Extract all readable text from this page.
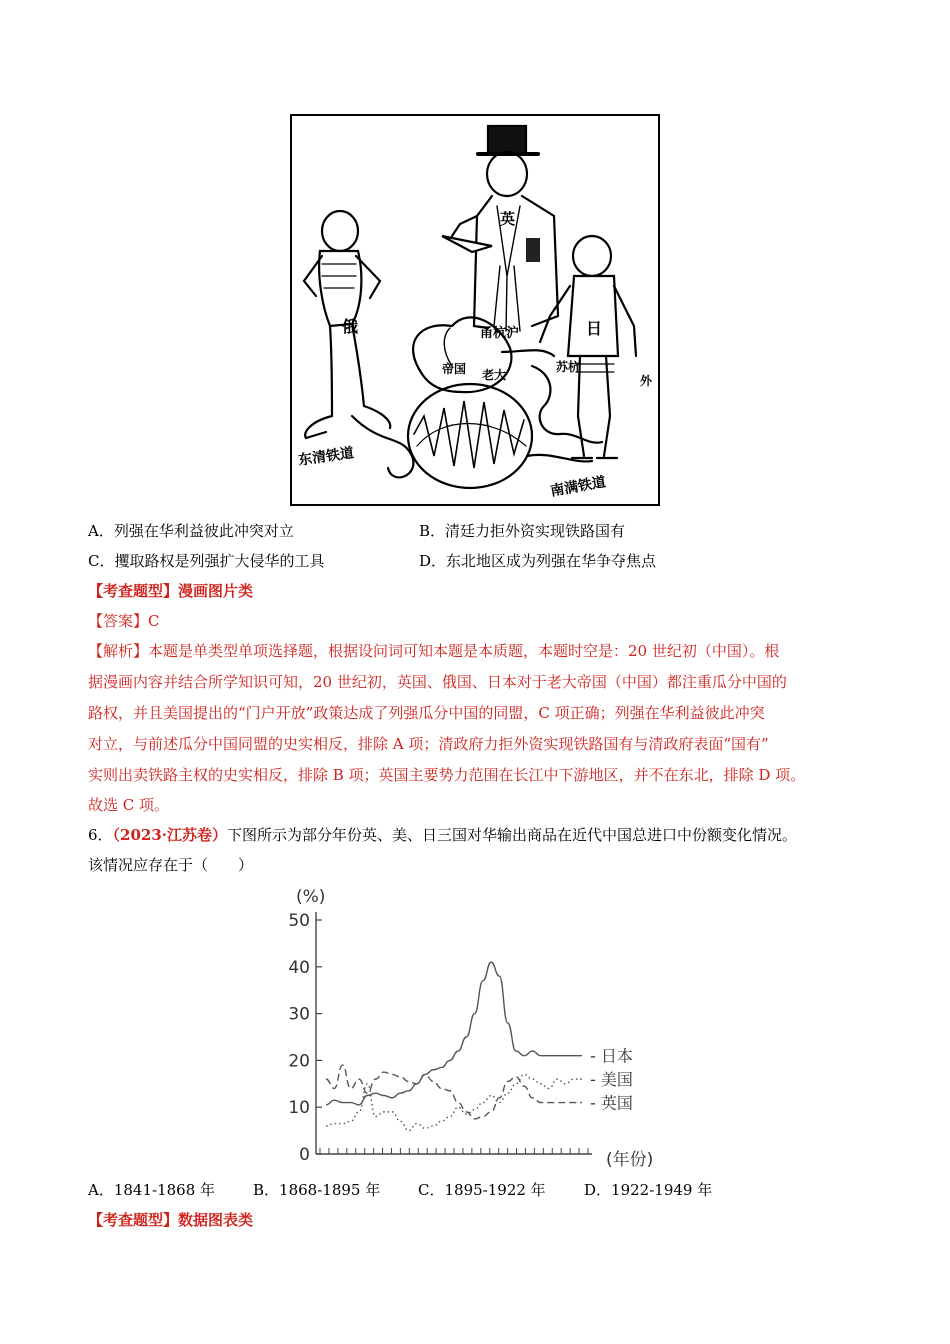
俄
英
日
帝国 老大
甬杭沪
苏杭
外
东清铁道
南满铁道
A．列强在华利益彼此冲突对立	B．清廷力拒外资实现铁路国有
C．攫取路权是列强扩大侵华的工具	D．东北地区成为列强在华争夺焦点
【考查题型】漫画图片类
【答案】C
【解析】本题是单类型单项选择题，根据设问词可知本题是本质题，本题时空是：20 世纪初（中国）。根
据漫画内容并结合所学知识可知，20 世纪初，英国、俄国、日本对于老大帝国（中国）都注重瓜分中国的
路权，并且美国提出的“门户开放”政策达成了列强瓜分中国的同盟，C 项正确；列强在华利益彼此冲突
对立，与前述瓜分中国同盟的史实相反，排除 A 项；清政府力拒外资实现铁路国有与清政府表面“国有”
实则出卖铁路主权的史实相反，排除 B 项；英国主要势力范围在长江中下游地区，并不在东北，排除 D 项。
故选 C 项。
6．（2023·江苏卷）下图所示为部分年份英、美、日三国对华输出商品在近代中国总进口中份额变化情况。
该情况应存在于（　　）
(%)
(年份)
0
10
20
30
40
50
- 日本
- 美国
- 英国
A．1841-1868 年	B．1868-1895 年	C．1895-1922 年	D．1922-1949 年
【考查题型】数据图表类
